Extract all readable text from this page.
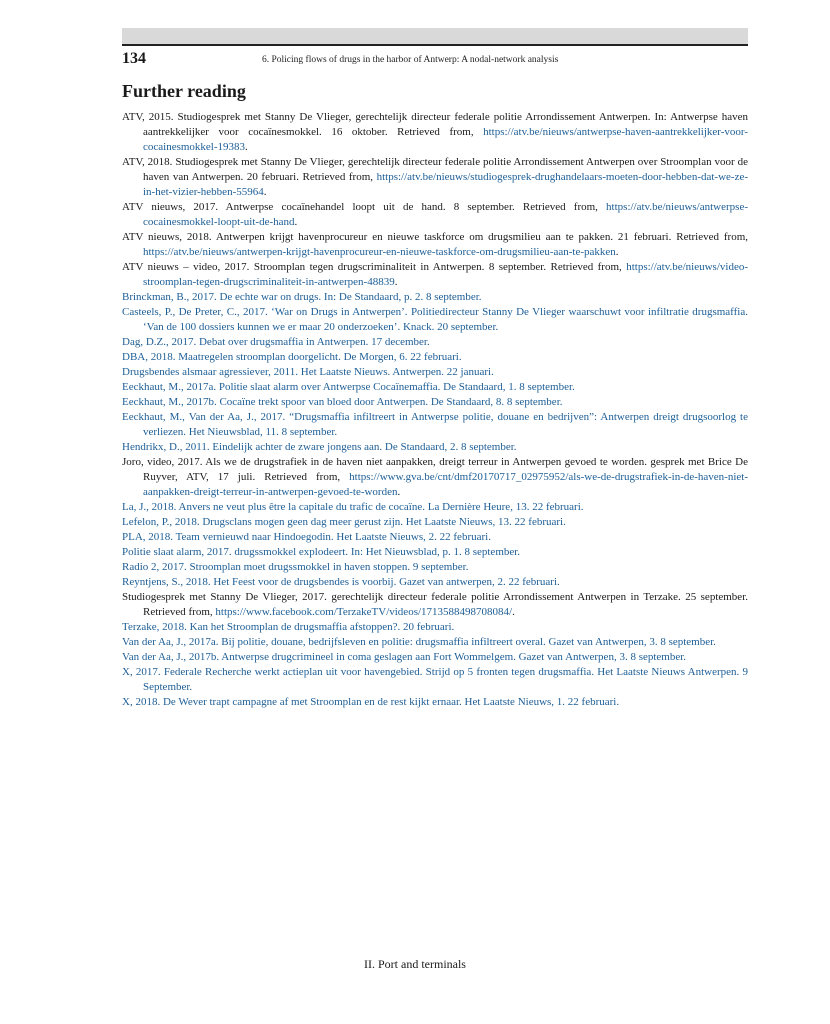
134	6. Policing flows of drugs in the harbor of Antwerp: A nodal-network analysis
Further reading
ATV, 2015. Studiogesprek met Stanny De Vlieger, gerechtelijk directeur federale politie Arrondissement Antwerpen. In: Antwerpse haven aantrekkelijker voor cocaïnesmokkel. 16 oktober. Retrieved from, https://atv.be/nieuws/antwerpse-haven-aantrekkelijker-voor-cocainesmokkel-19383.
ATV, 2018. Studiogesprek met Stanny De Vlieger, gerechtelijk directeur federale politie Arrondissement Antwerpen over Stroomplan voor de haven van Antwerpen. 20 februari. Retrieved from, https://atv.be/nieuws/studiogesprek-drughandelaars-moeten-door-hebben-dat-we-ze-in-het-vizier-hebben-55964.
ATV nieuws, 2017. Antwerpse cocaïnehandel loopt uit de hand. 8 september. Retrieved from, https://atv.be/nieuws/antwerpse-cocainesmokkel-loopt-uit-de-hand.
ATV nieuws, 2018. Antwerpen krijgt havenprocureur en nieuwe taskforce om drugsmilieu aan te pakken. 21 februari. Retrieved from, https://atv.be/nieuws/antwerpen-krijgt-havenprocureur-en-nieuwe-taskforce-om-drugsmilieu-aan-te-pakken.
ATV nieuws – video, 2017. Stroomplan tegen drugscriminaliteit in Antwerpen. 8 september. Retrieved from, https://atv.be/nieuws/video-stroomplan-tegen-drugscriminaliteit-in-antwerpen-48839.
Brinckman, B., 2017. De echte war on drugs. In: De Standaard, p. 2. 8 september.
Casteels, P., De Preter, C., 2017. ‘War on Drugs in Antwerpen’. Politiedirecteur Stanny De Vlieger waarschuwt voor infiltratie drugsmaffia. ‘Van de 100 dossiers kunnen we er maar 20 onderzoeken’. Knack. 20 september.
Dag, D.Z., 2017. Debat over drugsmaffia in Antwerpen. 17 december.
DBA, 2018. Maatregelen stroomplan doorgelicht. De Morgen, 6. 22 februari.
Drugsbendes alsmaar agressiever, 2011. Het Laatste Nieuws. Antwerpen. 22 januari.
Eeckhaut, M., 2017a. Politie slaat alarm over Antwerpse Cocaïnemaffia. De Standaard, 1. 8 september.
Eeckhaut, M., 2017b. Cocaïne trekt spoor van bloed door Antwerpen. De Standaard, 8. 8 september.
Eeckhaut, M., Van der Aa, J., 2017. “Drugsmaffia infiltreert in Antwerpse politie, douane en bedrijven”: Antwerpen dreigt drugsoorlog te verliezen. Het Nieuwsblad, 11. 8 september.
Hendrikx, D., 2011. Eindelijk achter de zware jongens aan. De Standaard, 2. 8 september.
Joro, video, 2017. Als we de drugstrafiek in de haven niet aanpakken, dreigt terreur in Antwerpen gevoed te worden. gesprek met Brice De Ruyver, ATV, 17 juli. Retrieved from, https://www.gva.be/cnt/dmf20170717_02975952/als-we-de-drugstrafiek-in-de-haven-niet-aanpakken-dreigt-terreur-in-antwerpen-gevoed-te-worden.
La, J., 2018. Anvers ne veut plus être la capitale du trafic de cocaïne. La Dernière Heure, 13. 22 februari.
Lefelon, P., 2018. Drugsclans mogen geen dag meer gerust zijn. Het Laatste Nieuws, 13. 22 februari.
PLA, 2018. Team vernieuwd naar Hindoegodin. Het Laatste Nieuws, 2. 22 februari.
Politie slaat alarm, 2017. drugssmokkel explodeert. In: Het Nieuwsblad, p. 1. 8 september.
Radio 2, 2017. Stroomplan moet drugssmokkel in haven stoppen. 9 september.
Reyntjens, S., 2018. Het Feest voor de drugsbendes is voorbij. Gazet van antwerpen, 2. 22 februari.
Studiogesprek met Stanny De Vlieger, 2017. gerechtelijk directeur federale politie Arrondissement Antwerpen in Terzake. 25 september. Retrieved from, https://www.facebook.com/TerzakeTV/videos/1713588498708084/.
Terzake, 2018. Kan het Stroomplan de drugsmaffia afstoppen?. 20 februari.
Van der Aa, J., 2017a. Bij politie, douane, bedrijfsleven en politie: drugsmaffia infiltreert overal. Gazet van Antwerpen, 3. 8 september.
Van der Aa, J., 2017b. Antwerpse drugcrimineel in coma geslagen aan Fort Wommelgem. Gazet van Antwerpen, 3. 8 september.
X, 2017. Federale Recherche werkt actieplan uit voor havengebied. Strijd op 5 fronten tegen drugsmaffia. Het Laatste Nieuws Antwerpen. 9 September.
X, 2018. De Wever trapt campagne af met Stroomplan en de rest kijkt ernaar. Het Laatste Nieuws, 1. 22 februari.
II. Port and terminals
